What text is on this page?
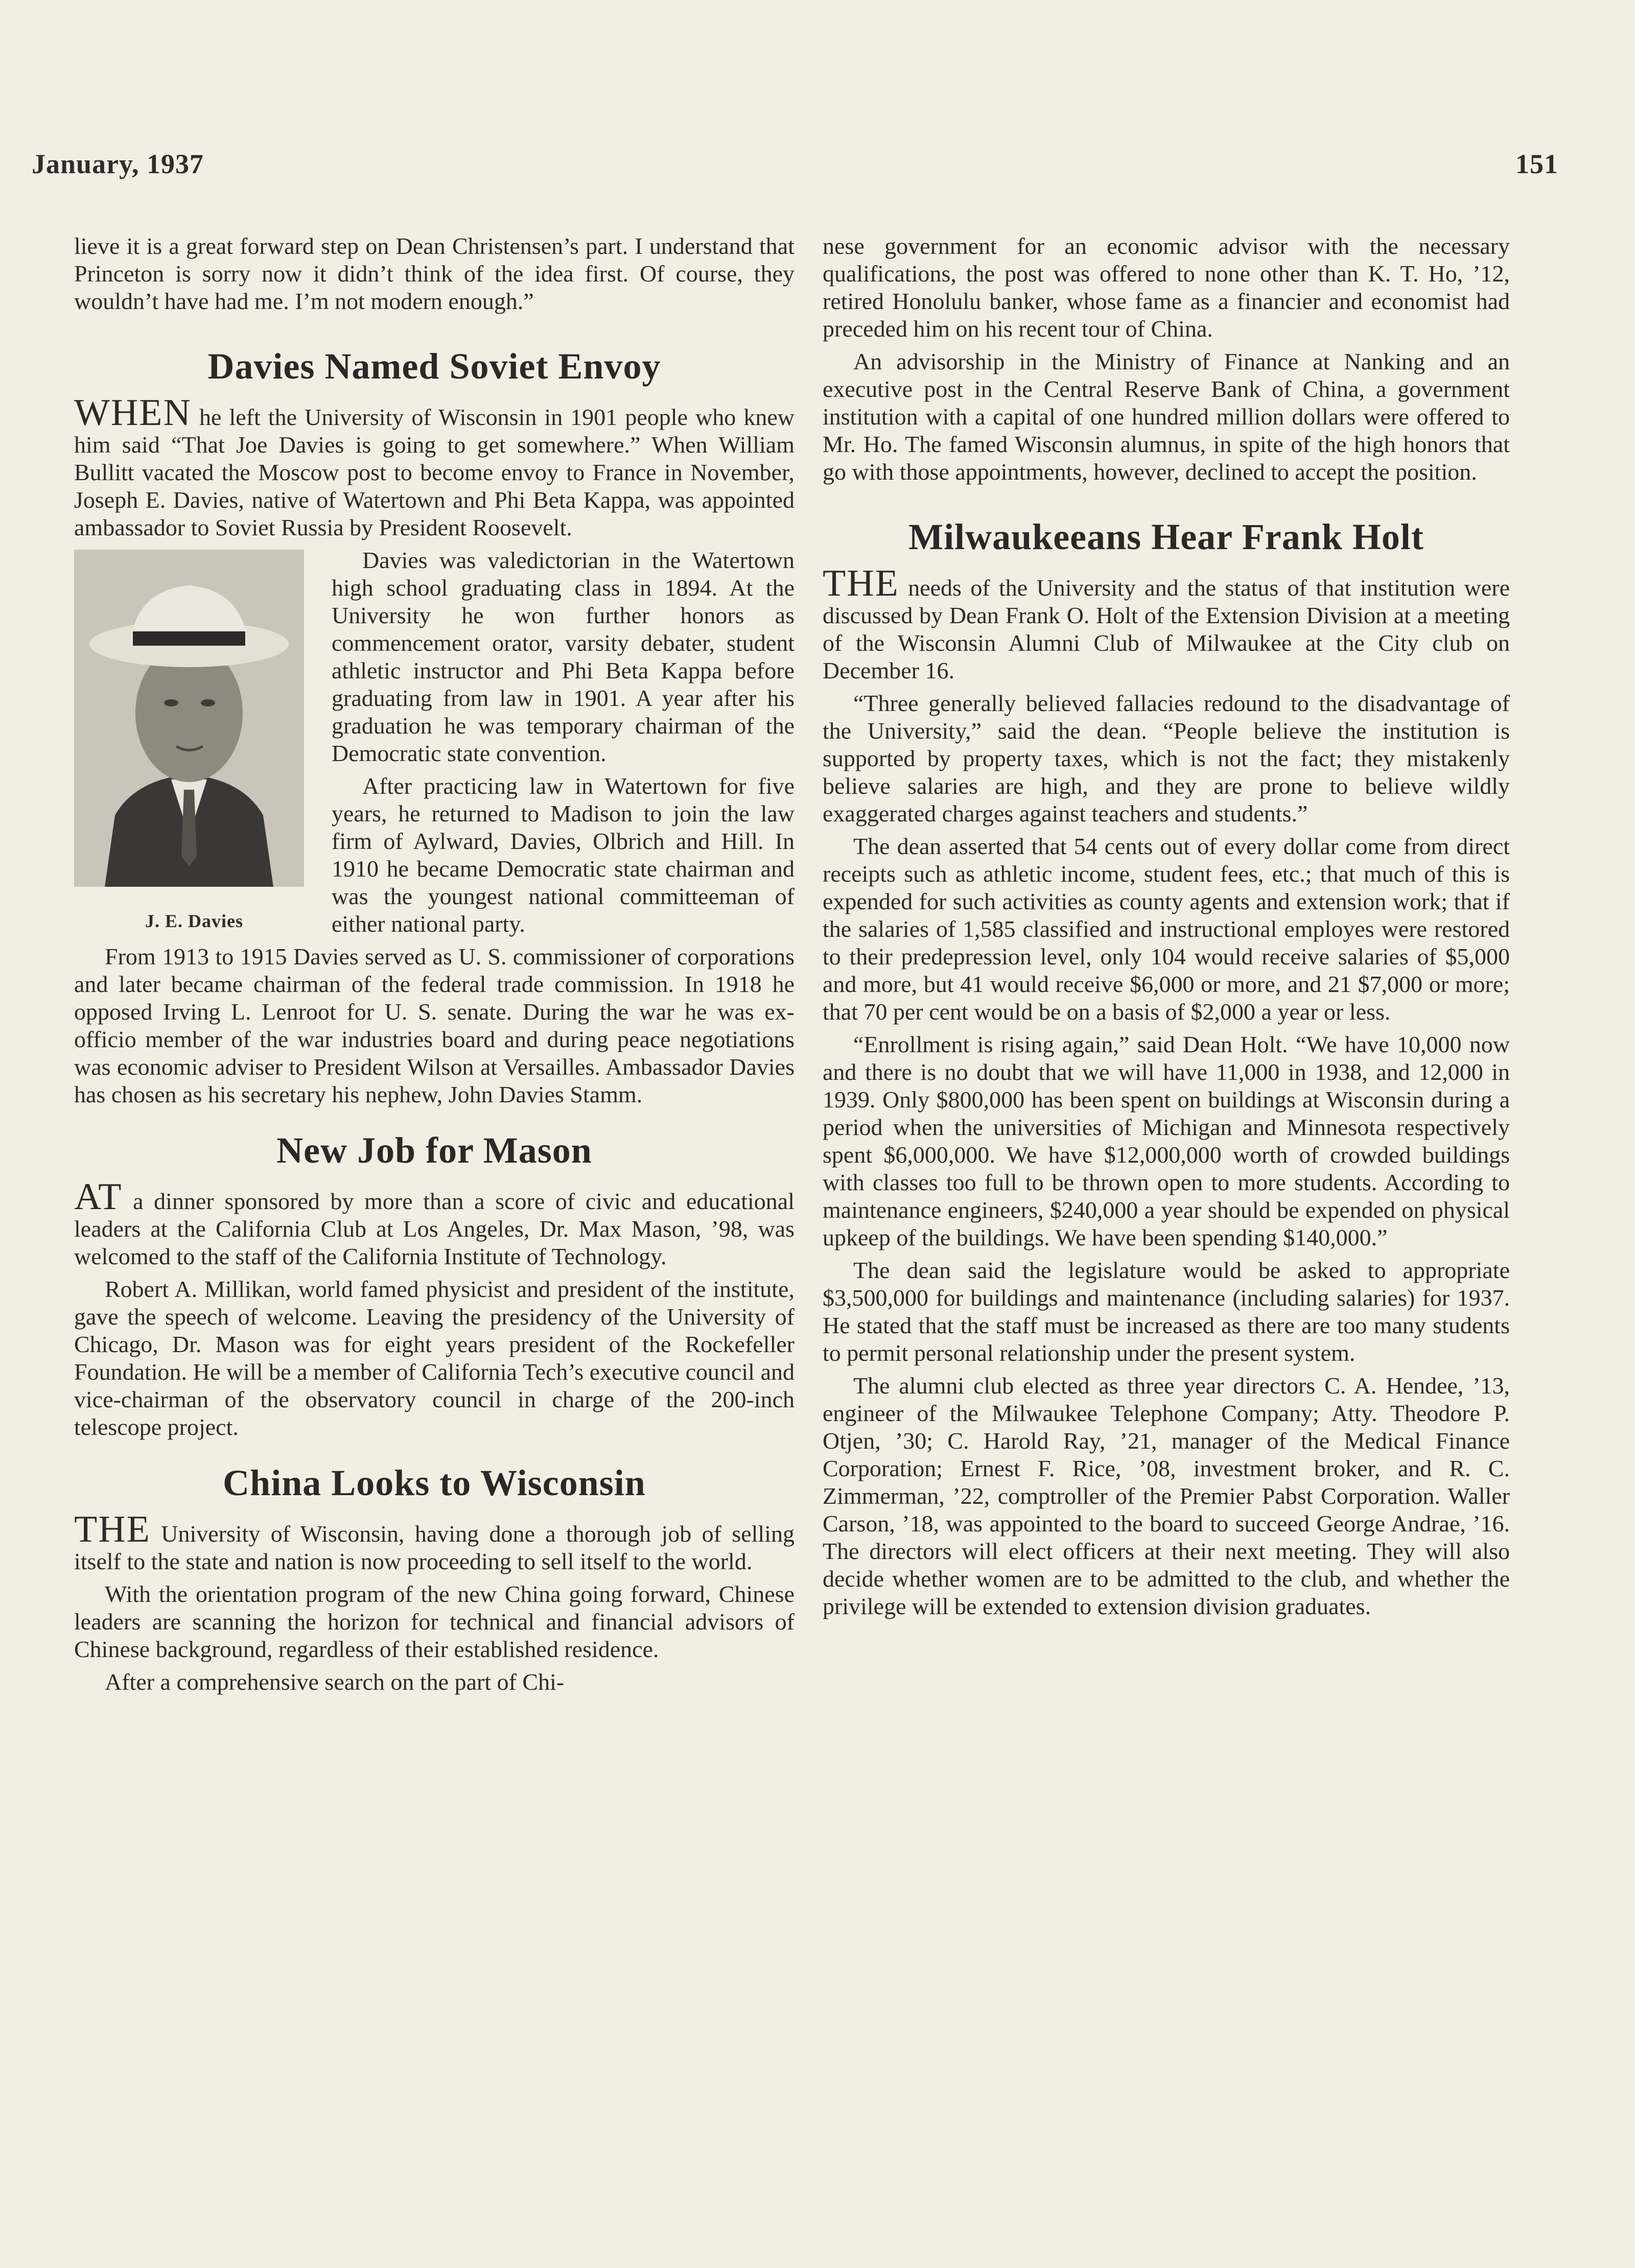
January, 1937	151

lieve it is a great forward step on Dean Christensen’s part. I understand that Princeton is sorry now it didn’t think of the idea first. Of course, they wouldn’t have had me. I’m not modern enough.”

Davies Named Soviet Envoy

WHEN he left the University of Wisconsin in 1901 people who knew him said “That Joe Davies is going to get somewhere.” When William Bullitt vacated the Moscow post to become envoy to France in November, Joseph E. Davies, native of Watertown and Phi Beta Kappa, was appointed ambassador to Soviet Russia by President Roosevelt.

J. E. Davies

Davies was valedictorian in the Watertown high school graduating class in 1894. At the University he won further honors as commencement orator, varsity debater, student athletic instructor and Phi Beta Kappa before graduating from law in 1901. A year after his graduation he was temporary chairman of the Democratic state convention.

After practicing law in Watertown for five years, he returned to Madison to join the law firm of Aylward, Davies, Olbrich and Hill. In 1910 he became Democratic state chairman and was the youngest national committeeman of either national party.

From 1913 to 1915 Davies served as U. S. commissioner of corporations and later became chairman of the federal trade commission. In 1918 he opposed Irving L. Lenroot for U. S. senate. During the war he was ex-officio member of the war industries board and during peace negotiations was economic adviser to President Wilson at Versailles. Ambassador Davies has chosen as his secretary his nephew, John Davies Stamm.

New Job for Mason

AT a dinner sponsored by more than a score of civic and educational leaders at the California Club at Los Angeles, Dr. Max Mason, ’98, was welcomed to the staff of the California Institute of Technology.

Robert A. Millikan, world famed physicist and president of the institute, gave the speech of welcome. Leaving the presidency of the University of Chicago, Dr. Mason was for eight years president of the Rockefeller Foundation. He will be a member of California Tech’s executive council and vice-chairman of the observatory council in charge of the 200-inch telescope project.

China Looks to Wisconsin

THE University of Wisconsin, having done a thorough job of selling itself to the state and nation is now proceeding to sell itself to the world.

With the orientation program of the new China going forward, Chinese leaders are scanning the horizon for technical and financial advisors of Chinese background, regardless of their established residence.

After a comprehensive search on the part of Chi-

nese government for an economic advisor with the necessary qualifications, the post was offered to none other than K. T. Ho, ’12, retired Honolulu banker, whose fame as a financier and economist had preceded him on his recent tour of China.

An advisorship in the Ministry of Finance at Nanking and an executive post in the Central Reserve Bank of China, a government institution with a capital of one hundred million dollars were offered to Mr. Ho. The famed Wisconsin alumnus, in spite of the high honors that go with those appointments, however, declined to accept the position.

Milwaukeeans Hear Frank Holt

THE needs of the University and the status of that institution were discussed by Dean Frank O. Holt of the Extension Division at a meeting of the Wisconsin Alumni Club of Milwaukee at the City club on December 16.

“Three generally believed fallacies redound to the disadvantage of the University,” said the dean. “People believe the institution is supported by property taxes, which is not the fact; they mistakenly believe salaries are high, and they are prone to believe wildly exaggerated charges against teachers and students.”

The dean asserted that 54 cents out of every dollar come from direct receipts such as athletic income, student fees, etc.; that much of this is expended for such activities as county agents and extension work; that if the salaries of 1,585 classified and instructional employes were restored to their predepression level, only 104 would receive salaries of $5,000 and more, but 41 would receive $6,000 or more, and 21 $7,000 or more; that 70 per cent would be on a basis of $2,000 a year or less.

“Enrollment is rising again,” said Dean Holt. “We have 10,000 now and there is no doubt that we will have 11,000 in 1938, and 12,000 in 1939. Only $800,000 has been spent on buildings at Wisconsin during a period when the universities of Michigan and Minnesota respectively spent $6,000,000. We have $12,000,000 worth of crowded buildings with classes too full to be thrown open to more students. According to maintenance engineers, $240,000 a year should be expended on physical upkeep of the buildings. We have been spending $140,000.”

The dean said the legislature would be asked to appropriate $3,500,000 for buildings and maintenance (including salaries) for 1937. He stated that the staff must be increased as there are too many students to permit personal relationship under the present system.

The alumni club elected as three year directors C. A. Hendee, ’13, engineer of the Milwaukee Telephone Company; Atty. Theodore P. Otjen, ’30; C. Harold Ray, ’21, manager of the Medical Finance Corporation; Ernest F. Rice, ’08, investment broker, and R. C. Zimmerman, ’22, comptroller of the Premier Pabst Corporation. Waller Carson, ’18, was appointed to the board to succeed George Andrae, ’16. The directors will elect officers at their next meeting. They will also decide whether women are to be admitted to the club, and whether the privilege will be extended to extension division graduates.
